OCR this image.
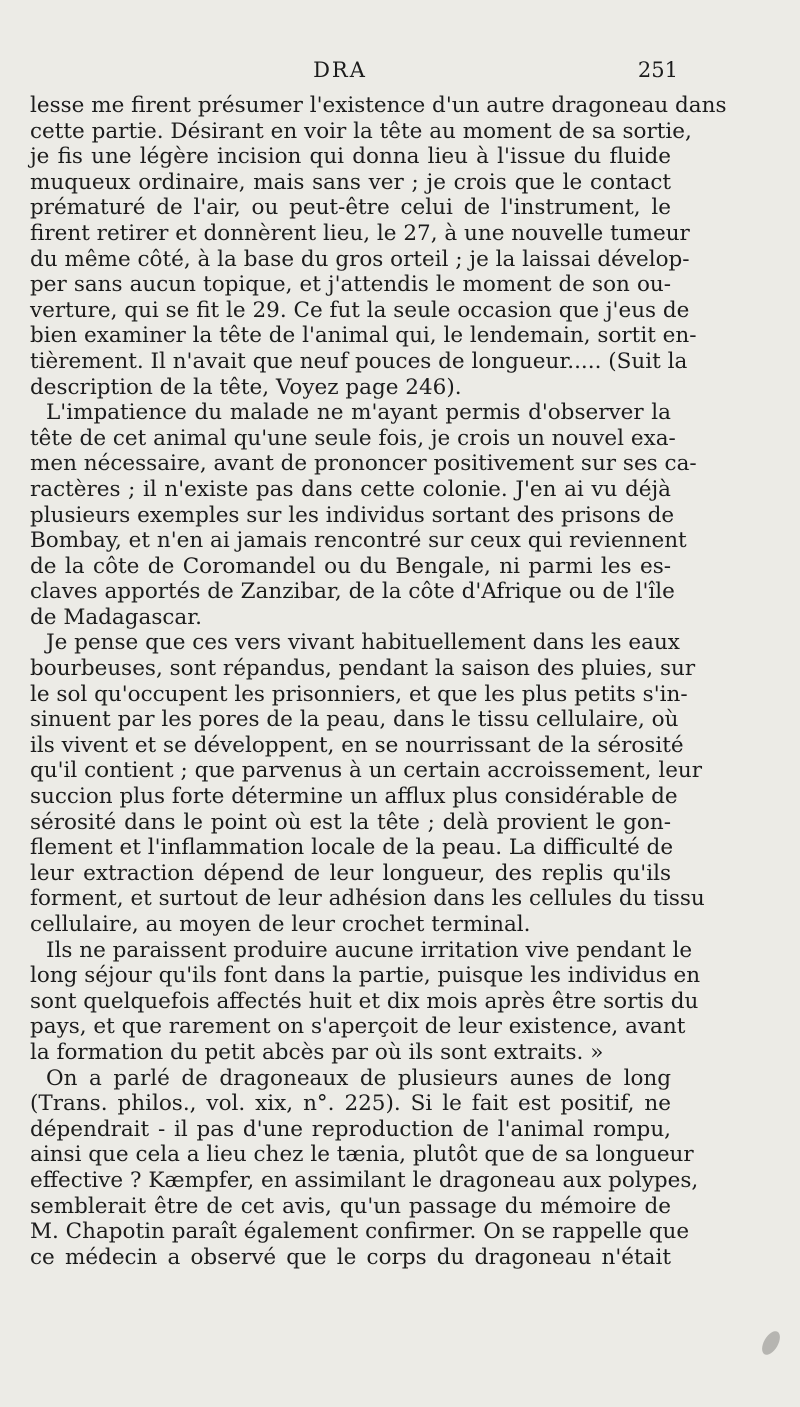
DRA	251
lesse me firent présumer l'existence d'un autre dragoneau dans
cette partie. Désirant en voir la tête au moment de sa sortie,
je fis une légère incision qui donna lieu à l'issue du fluide
muqueux ordinaire, mais sans ver ; je crois que le contact
prématuré de l'air, ou peut-être celui de l'instrument, le
firent retirer et donnèrent lieu, le 27, à une nouvelle tumeur
du même côté, à la base du gros orteil ; je la laissai dévelop-
per sans aucun topique, et j'attendis le moment de son ou-
verture, qui se fit le 29. Ce fut la seule occasion que j'eus de
bien examiner la tête de l'animal qui, le lendemain, sortit en-
tièrement. Il n'avait que neuf pouces de longueur..... (Suit la
description de la tête, Voyez page 246).
L'impatience du malade ne m'ayant permis d'observer la
tête de cet animal qu'une seule fois, je crois un nouvel exa-
men nécessaire, avant de prononcer positivement sur ses ca-
ractères ; il n'existe pas dans cette colonie. J'en ai vu déjà
plusieurs exemples sur les individus sortant des prisons de
Bombay, et n'en ai jamais rencontré sur ceux qui reviennent
de la côte de Coromandel ou du Bengale, ni parmi les es-
claves apportés de Zanzibar, de la côte d'Afrique ou de l'île
de Madagascar.
Je pense que ces vers vivant habituellement dans les eaux
bourbeuses, sont répandus, pendant la saison des pluies, sur
le sol qu'occupent les prisonniers, et que les plus petits s'in-
sinuent par les pores de la peau, dans le tissu cellulaire, où
ils vivent et se développent, en se nourrissant de la sérosité
qu'il contient ; que parvenus à un certain accroissement, leur
succion plus forte détermine un afflux plus considérable de
sérosité dans le point où est la tête ; delà provient le gon-
flement et l'inflammation locale de la peau. La difficulté de
leur extraction dépend de leur longueur, des replis qu'ils
forment, et surtout de leur adhésion dans les cellules du tissu
cellulaire, au moyen de leur crochet terminal.
Ils ne paraissent produire aucune irritation vive pendant le
long séjour qu'ils font dans la partie, puisque les individus en
sont quelquefois affectés huit et dix mois après être sortis du
pays, et que rarement on s'aperçoit de leur existence, avant
la formation du petit abcès par où ils sont extraits. »
On a parlé de dragoneaux de plusieurs aunes de long
(Trans. philos., vol. xix, n°. 225). Si le fait est positif, ne
dépendrait - il pas d'une reproduction de l'animal rompu,
ainsi que cela a lieu chez le tænia, plutôt que de sa longueur
effective ? Kæmpfer, en assimilant le dragoneau aux polypes,
semblerait être de cet avis, qu'un passage du mémoire de
M. Chapotin paraît également confirmer. On se rappelle que
ce médecin a observé que le corps du dragoneau n'était
